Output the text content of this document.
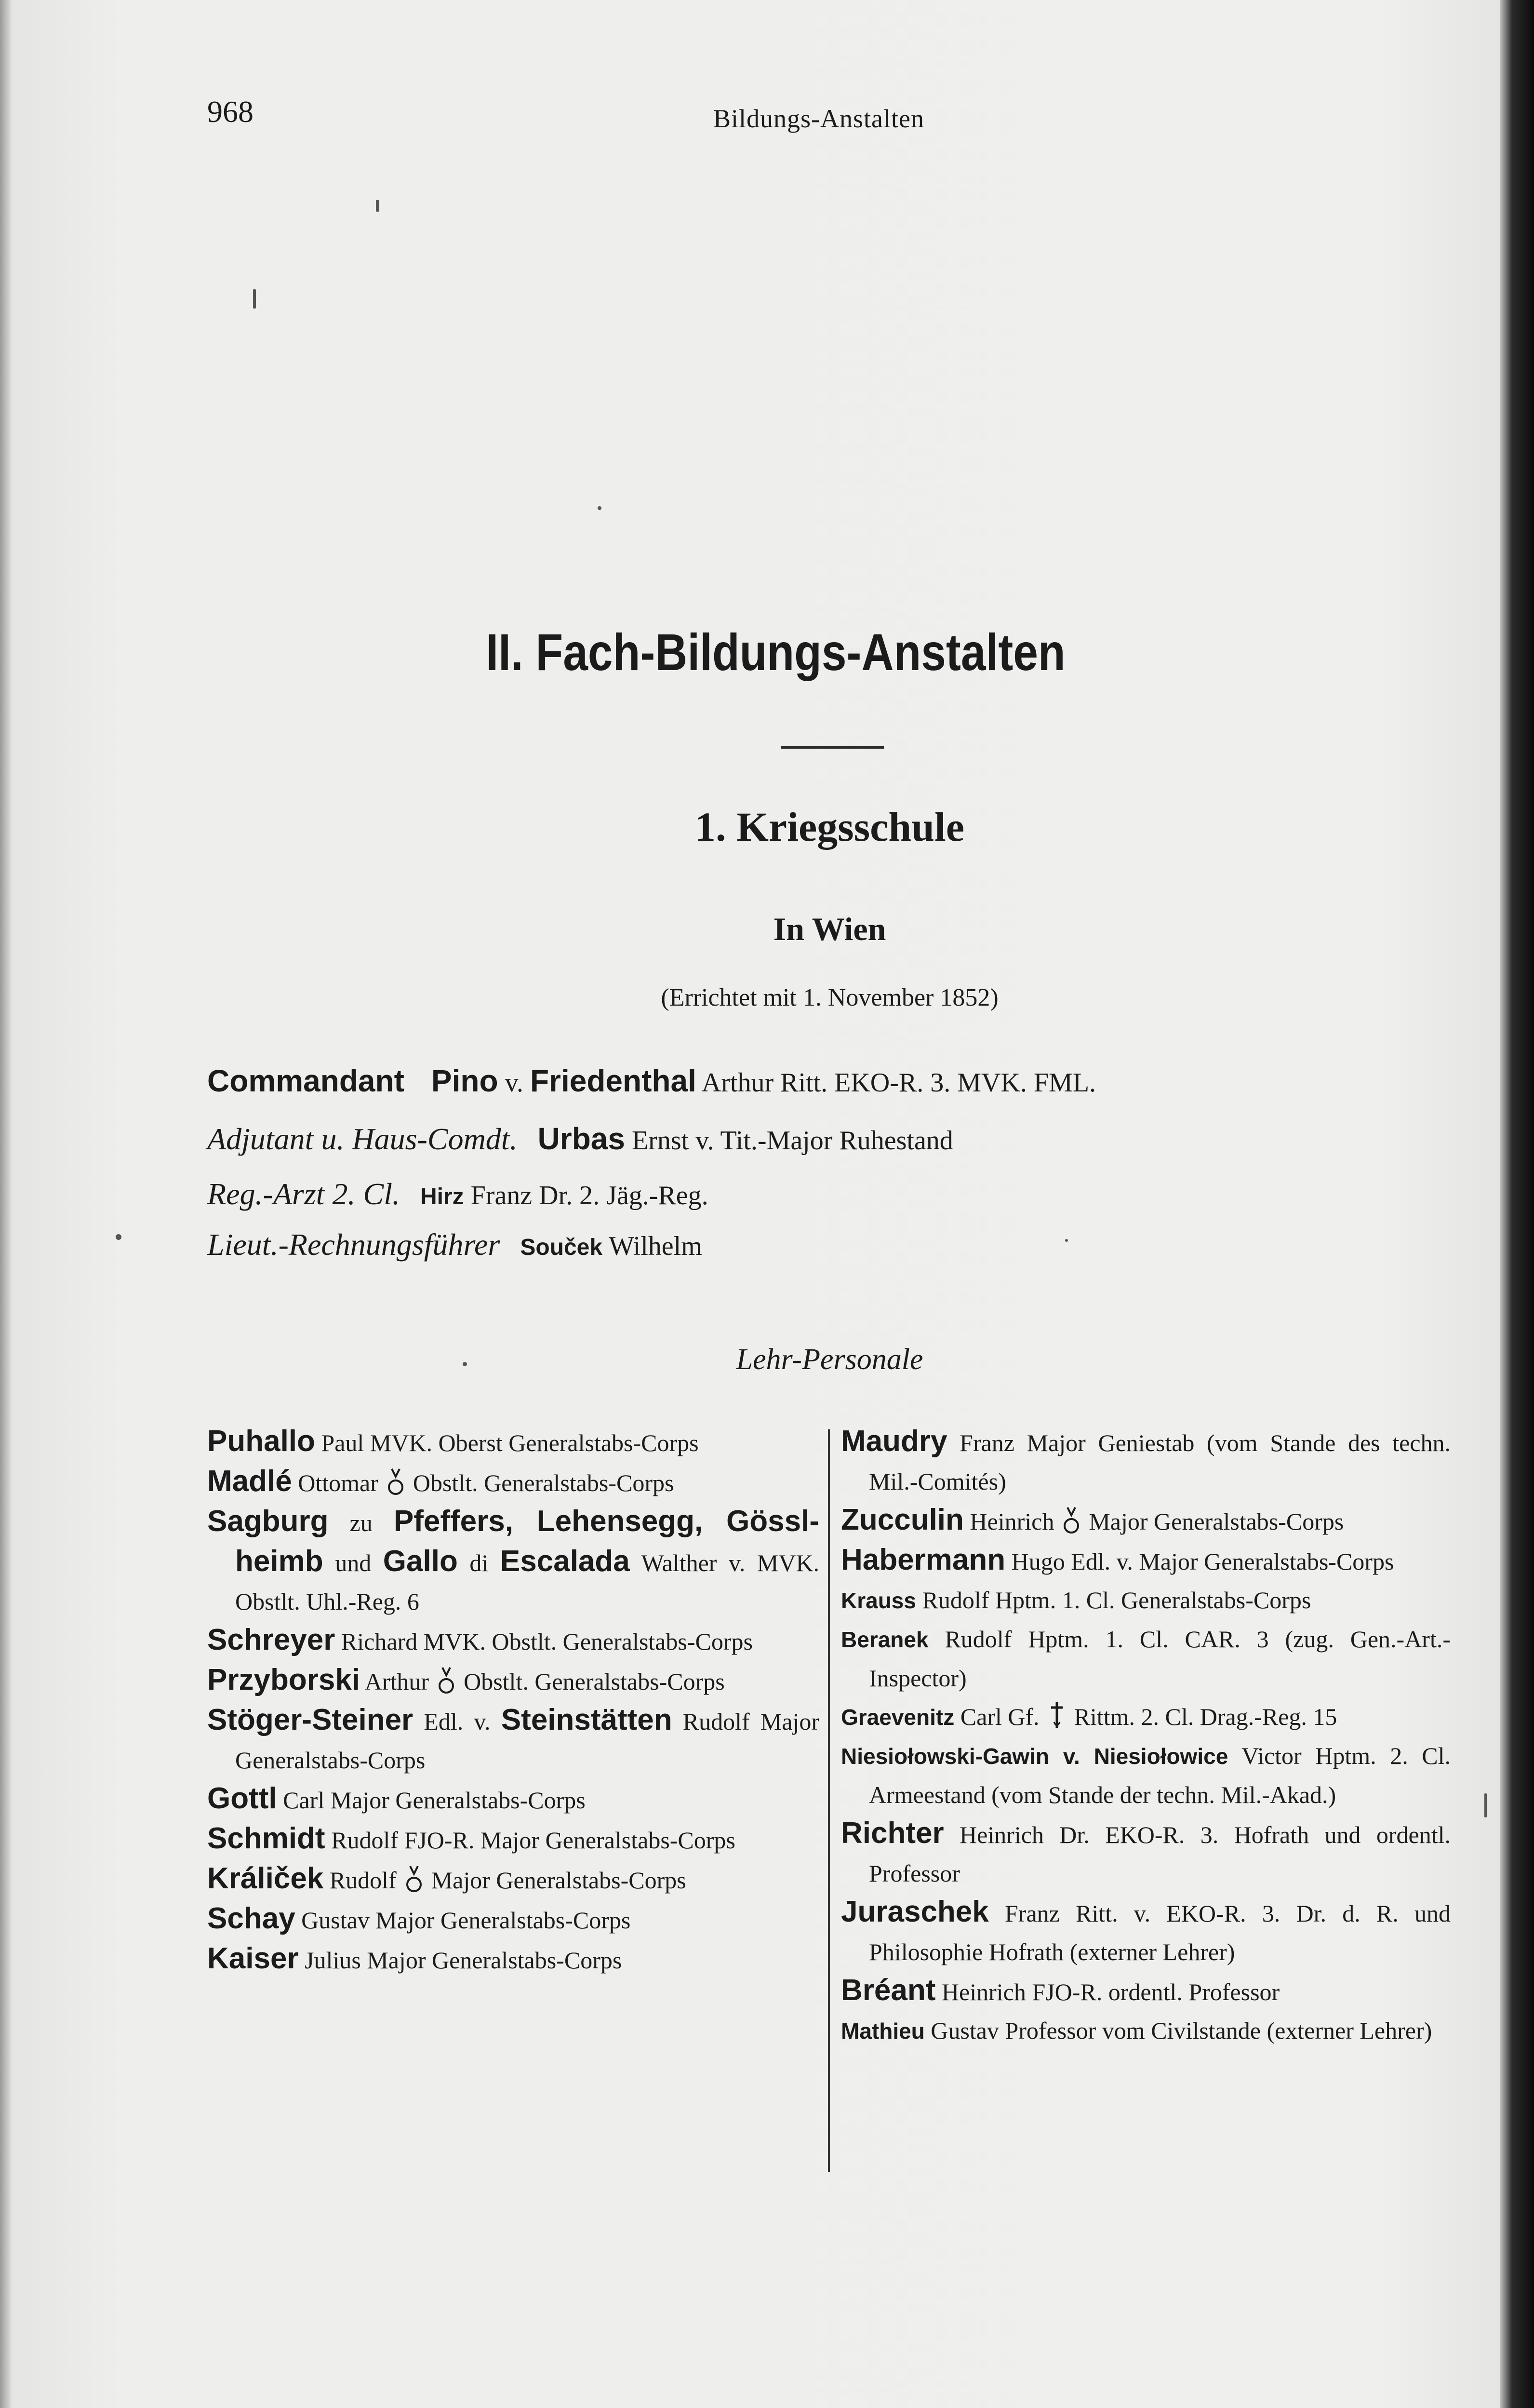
968	Bildungs-Anstalten
II. Fach-Bildungs-Anstalten
1. Kriegsschule
In Wien
(Errichtet mit 1. November 1852)
Commandant Pino v. Friedenthal Arthur Ritt. EKO-R. 3. MVK. FML.
Adjutant u. Haus-Comdt. Urbas Ernst v. Tit.-Major Ruhestand
Reg.-Arzt 2. Cl. Hirz Franz Dr. 2. Jäg.-Reg.
Lieut.-Rechnungsführer Souček Wilhelm
Lehr-Personale
Puhallo Paul MVK. Oberst Generalstabs-Corps
Madlé Ottomar Obstlt. Generalstabs-Corps
Sagburg zu Pfeffers, Lehensegg, Gössl-heimb und Gallo di Escalada Walther v. MVK. Obstlt. Uhl.-Reg. 6
Schreyer Richard MVK. Obstlt. Generalstabs-Corps
Przyborski Arthur Obstlt. Generalstabs-Corps
Stöger-Steiner Edl. v. Steinstätten Rudolf Major Generalstabs-Corps
Gottl Carl Major Generalstabs-Corps
Schmidt Rudolf FJO-R. Major Generalstabs-Corps
Králiček Rudolf Major Generalstabs-Corps
Schay Gustav Major Generalstabs-Corps
Kaiser Julius Major Generalstabs-Corps
Maudry Franz Major Geniestab (vom Stande des techn. Mil.-Comités)
Zucculin Heinrich Major Generalstabs-Corps
Habermann Hugo Edl. v. Major Generalstabs-Corps
Krauss Rudolf Hptm. 1. Cl. Generalstabs-Corps
Beranek Rudolf Hptm. 1. Cl. CAR. 3 (zug. Gen.-Art.-Inspector)
Graevenitz Carl Gf. Rittm. 2. Cl. Drag.-Reg. 15
Niesiołowski-Gawin v. Niesiołowice Victor Hptm. 2. Cl. Armeestand (vom Stande der techn. Mil.-Akad.)
Richter Heinrich Dr. EKO-R. 3. Hofrath und ordentl. Professor
Juraschek Franz Ritt. v. EKO-R. 3. Dr. d. R. und Philosophie Hofrath (externer Lehrer)
Bréant Heinrich FJO-R. ordentl. Professor
Mathieu Gustav Professor vom Civilstande (externer Lehrer)
